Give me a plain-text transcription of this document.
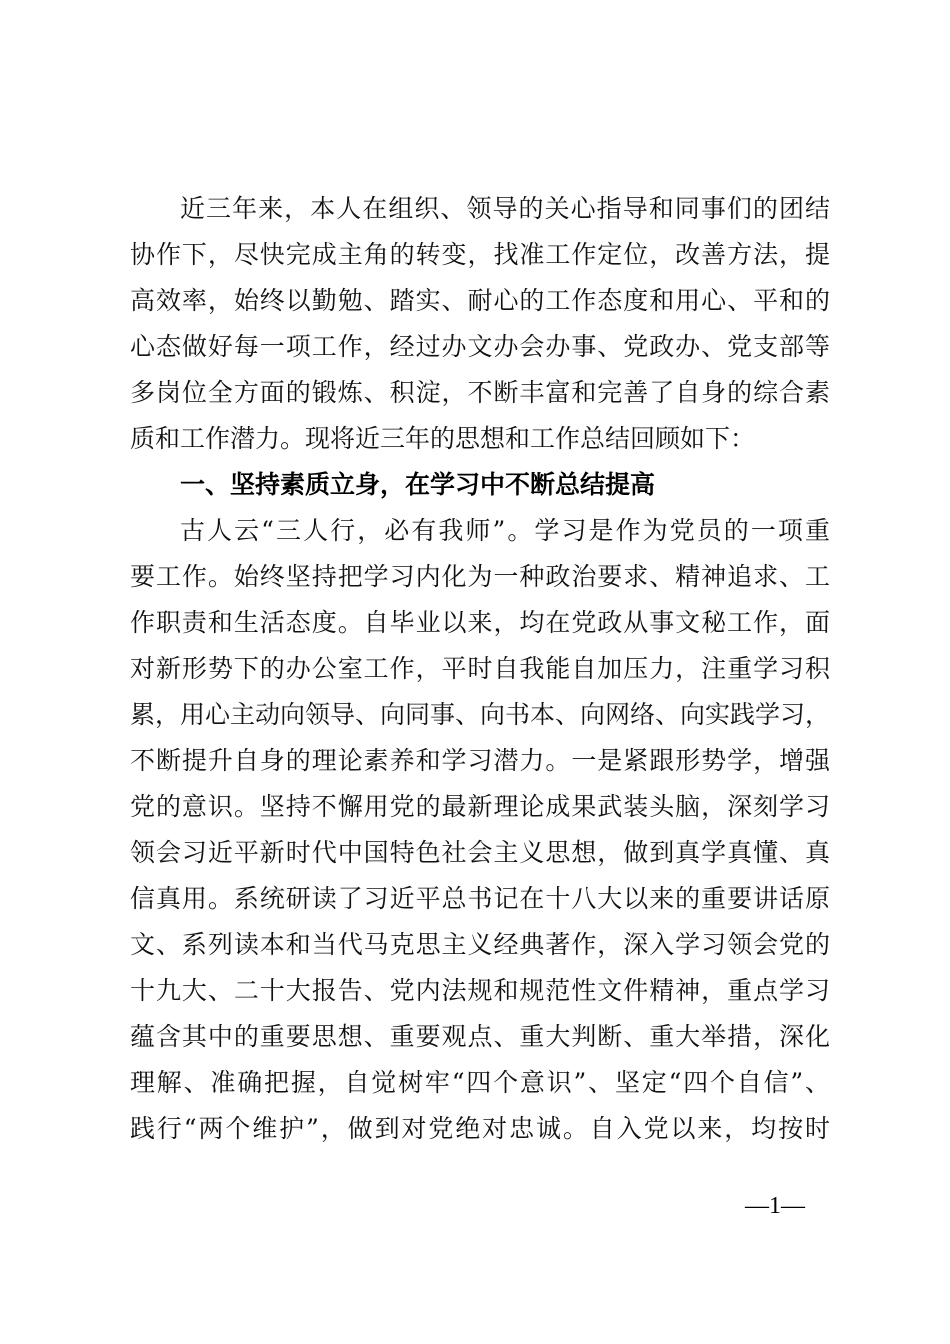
近三年来，本人在组织、领导的关心指导和同事们的团结
协作下，尽快完成主角的转变，找准工作定位，改善方法，提
高效率，始终以勤勉、踏实、耐心的工作态度和用心、平和的
心态做好每一项工作，经过办文办会办事、党政办、党支部等
多岗位全方面的锻炼、积淀，不断丰富和完善了自身的综合素
质和工作潜力。现将近三年的思想和工作总结回顾如下：
一、坚持素质立身，在学习中不断总结提高
古人云“三人行，必有我师”。学习是作为党员的一项重
要工作。始终坚持把学习内化为一种政治要求、精神追求、工
作职责和生活态度。自毕业以来，均在党政从事文秘工作，面
对新形势下的办公室工作，平时自我能自加压力，注重学习积
累，用心主动向领导、向同事、向书本、向网络、向实践学习，
不断提升自身的理论素养和学习潜力。一是紧跟形势学，增强
党的意识。坚持不懈用党的最新理论成果武装头脑，深刻学习
领会习近平新时代中国特色社会主义思想，做到真学真懂、真
信真用。系统研读了习近平总书记在十八大以来的重要讲话原
文、系列读本和当代马克思主义经典著作，深入学习领会党的
十九大、二十大报告、党内法规和规范性文件精神，重点学习
蕴含其中的重要思想、重要观点、重大判断、重大举措，深化
理解、准确把握，自觉树牢“四个意识”、坚定“四个自信”、
践行“两个维护”，做到对党绝对忠诚。自入党以来，均按时
—1—
